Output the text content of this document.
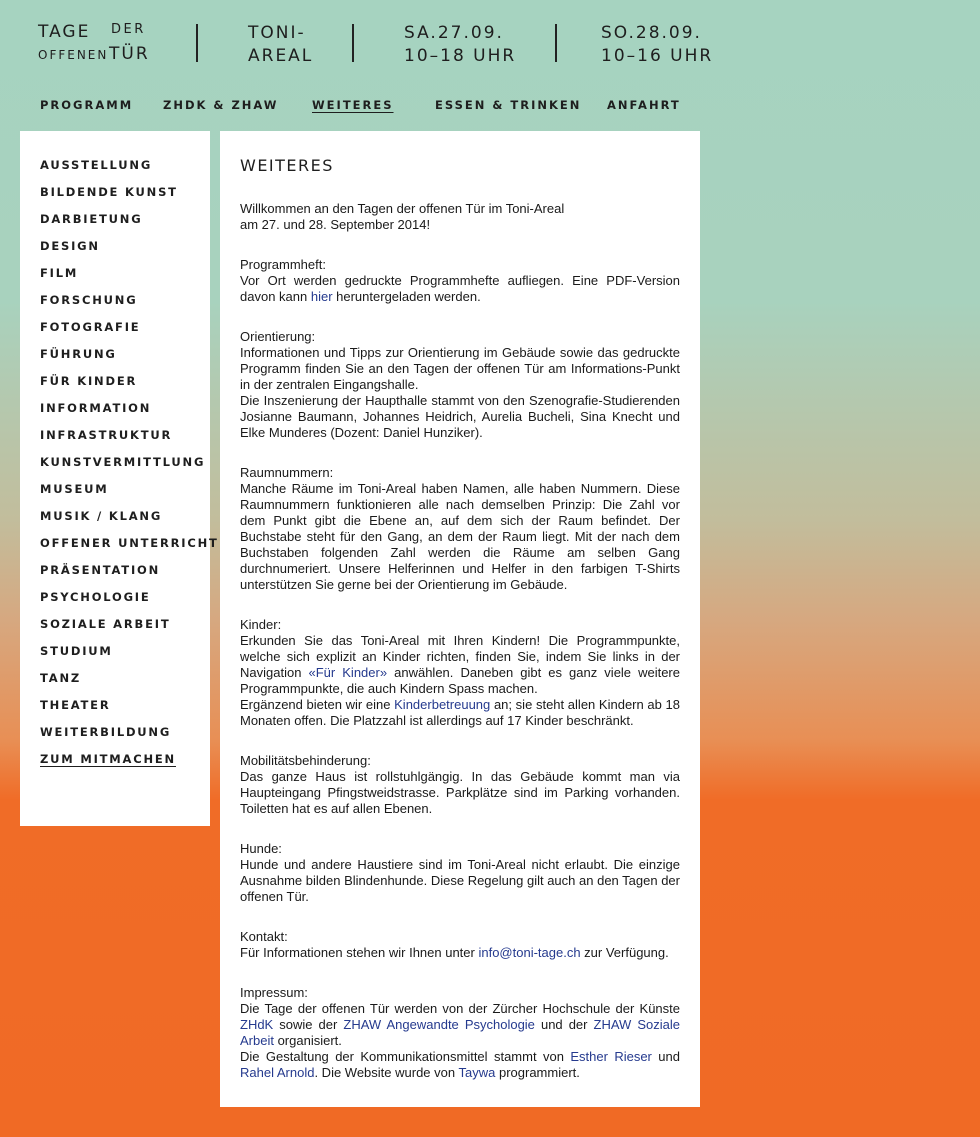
TAGE DER
OFFENEN TÜR
TONI-
AREAL
SA.27.09.
10–18 UHR
SO.28.09.
10–16 UHR
PROGRAMM	ZHDK & ZHAW	WEITERES	ESSEN & TRINKEN ANFAHRT
AUSSTELLUNG
BILDENDE KUNST
DARBIETUNG
DESIGN
FILM
FORSCHUNG
FOTOGRAFIE
FÜHRUNG
FÜR KINDER
INFORMATION
INFRASTRUKTUR
KUNSTVERMITTLUNG
MUSEUM
MUSIK / KLANG
OFFENER UNTERRICHT
PRÄSENTATION
PSYCHOLOGIE
SOZIALE ARBEIT
STUDIUM
TANZ
THEATER
WEITERBILDUNG
ZUM MITMACHEN
WEITERES

Willkommen an den Tagen der offenen Tür im Toni-Areal

am 27. und 28. September 2014!

Programmheft:

Vor Ort werden gedruckte Programmhefte aufliegen. Eine PDF-Version davon kann hier heruntergeladen werden.

Orientierung:

Informationen und Tipps zur Orientierung im Gebäude sowie das gedruckte Programm finden Sie an den Tagen der offenen Tür am Informations-Punkt in der zentralen Eingangshalle.

Die Inszenierung der Haupthalle stammt von den Szenografie-Studierenden Josianne Baumann, Johannes Heidrich, Aurelia Bucheli, Sina Knecht und Elke Munderes (Dozent: Daniel Hunziker).

Raumnummern:

Manche Räume im Toni-Areal haben Namen, alle haben Nummern. Diese Raumnummern funktionieren alle nach demselben Prinzip: Die Zahl vor dem Punkt gibt die Ebene an, auf dem sich der Raum befindet. Der Buchstabe steht für den Gang, an dem der Raum liegt. Mit der nach dem Buchstaben folgenden Zahl werden die Räume am selben Gang durchnumeriert. Unsere Helferinnen und Helfer in den farbigen T-Shirts unterstützen Sie gerne bei der Orientierung im Gebäude.

Kinder:

Erkunden Sie das Toni-Areal mit Ihren Kindern! Die Programmpunkte, welche sich explizit an Kinder richten, finden Sie, indem Sie links in der Navigation «Für Kinder» anwählen. Daneben gibt es ganz viele weitere Programmpunkte, die auch Kindern Spass machen.

Ergänzend bieten wir eine Kinderbetreuung an; sie steht allen Kindern ab 18 Monaten offen. Die Platzzahl ist allerdings auf 17 Kinder beschränkt.

Mobilitätsbehinderung:

Das ganze Haus ist rollstuhlgängig. In das Gebäude kommt man via Haupteingang Pfingstweidstrasse. Parkplätze sind im Parking vorhanden. Toiletten hat es auf allen Ebenen.

Hunde:

Hunde und andere Haustiere sind im Toni-Areal nicht erlaubt. Die einzige Ausnahme bilden Blindenhunde. Diese Regelung gilt auch an den Tagen der offenen Tür.

Kontakt:

Für Informationen stehen wir Ihnen unter info@toni-tage.ch zur Verfügung.

Impressum:

Die Tage der offenen Tür werden von der Zürcher Hochschule der Künste ZHdK sowie der ZHAW Angewandte Psychologie und der ZHAW Soziale Arbeit organisiert.

Die Gestaltung der Kommunikationsmittel stammt von Esther Rieser und Rahel Arnold. Die Website wurde von Taywa programmiert.
